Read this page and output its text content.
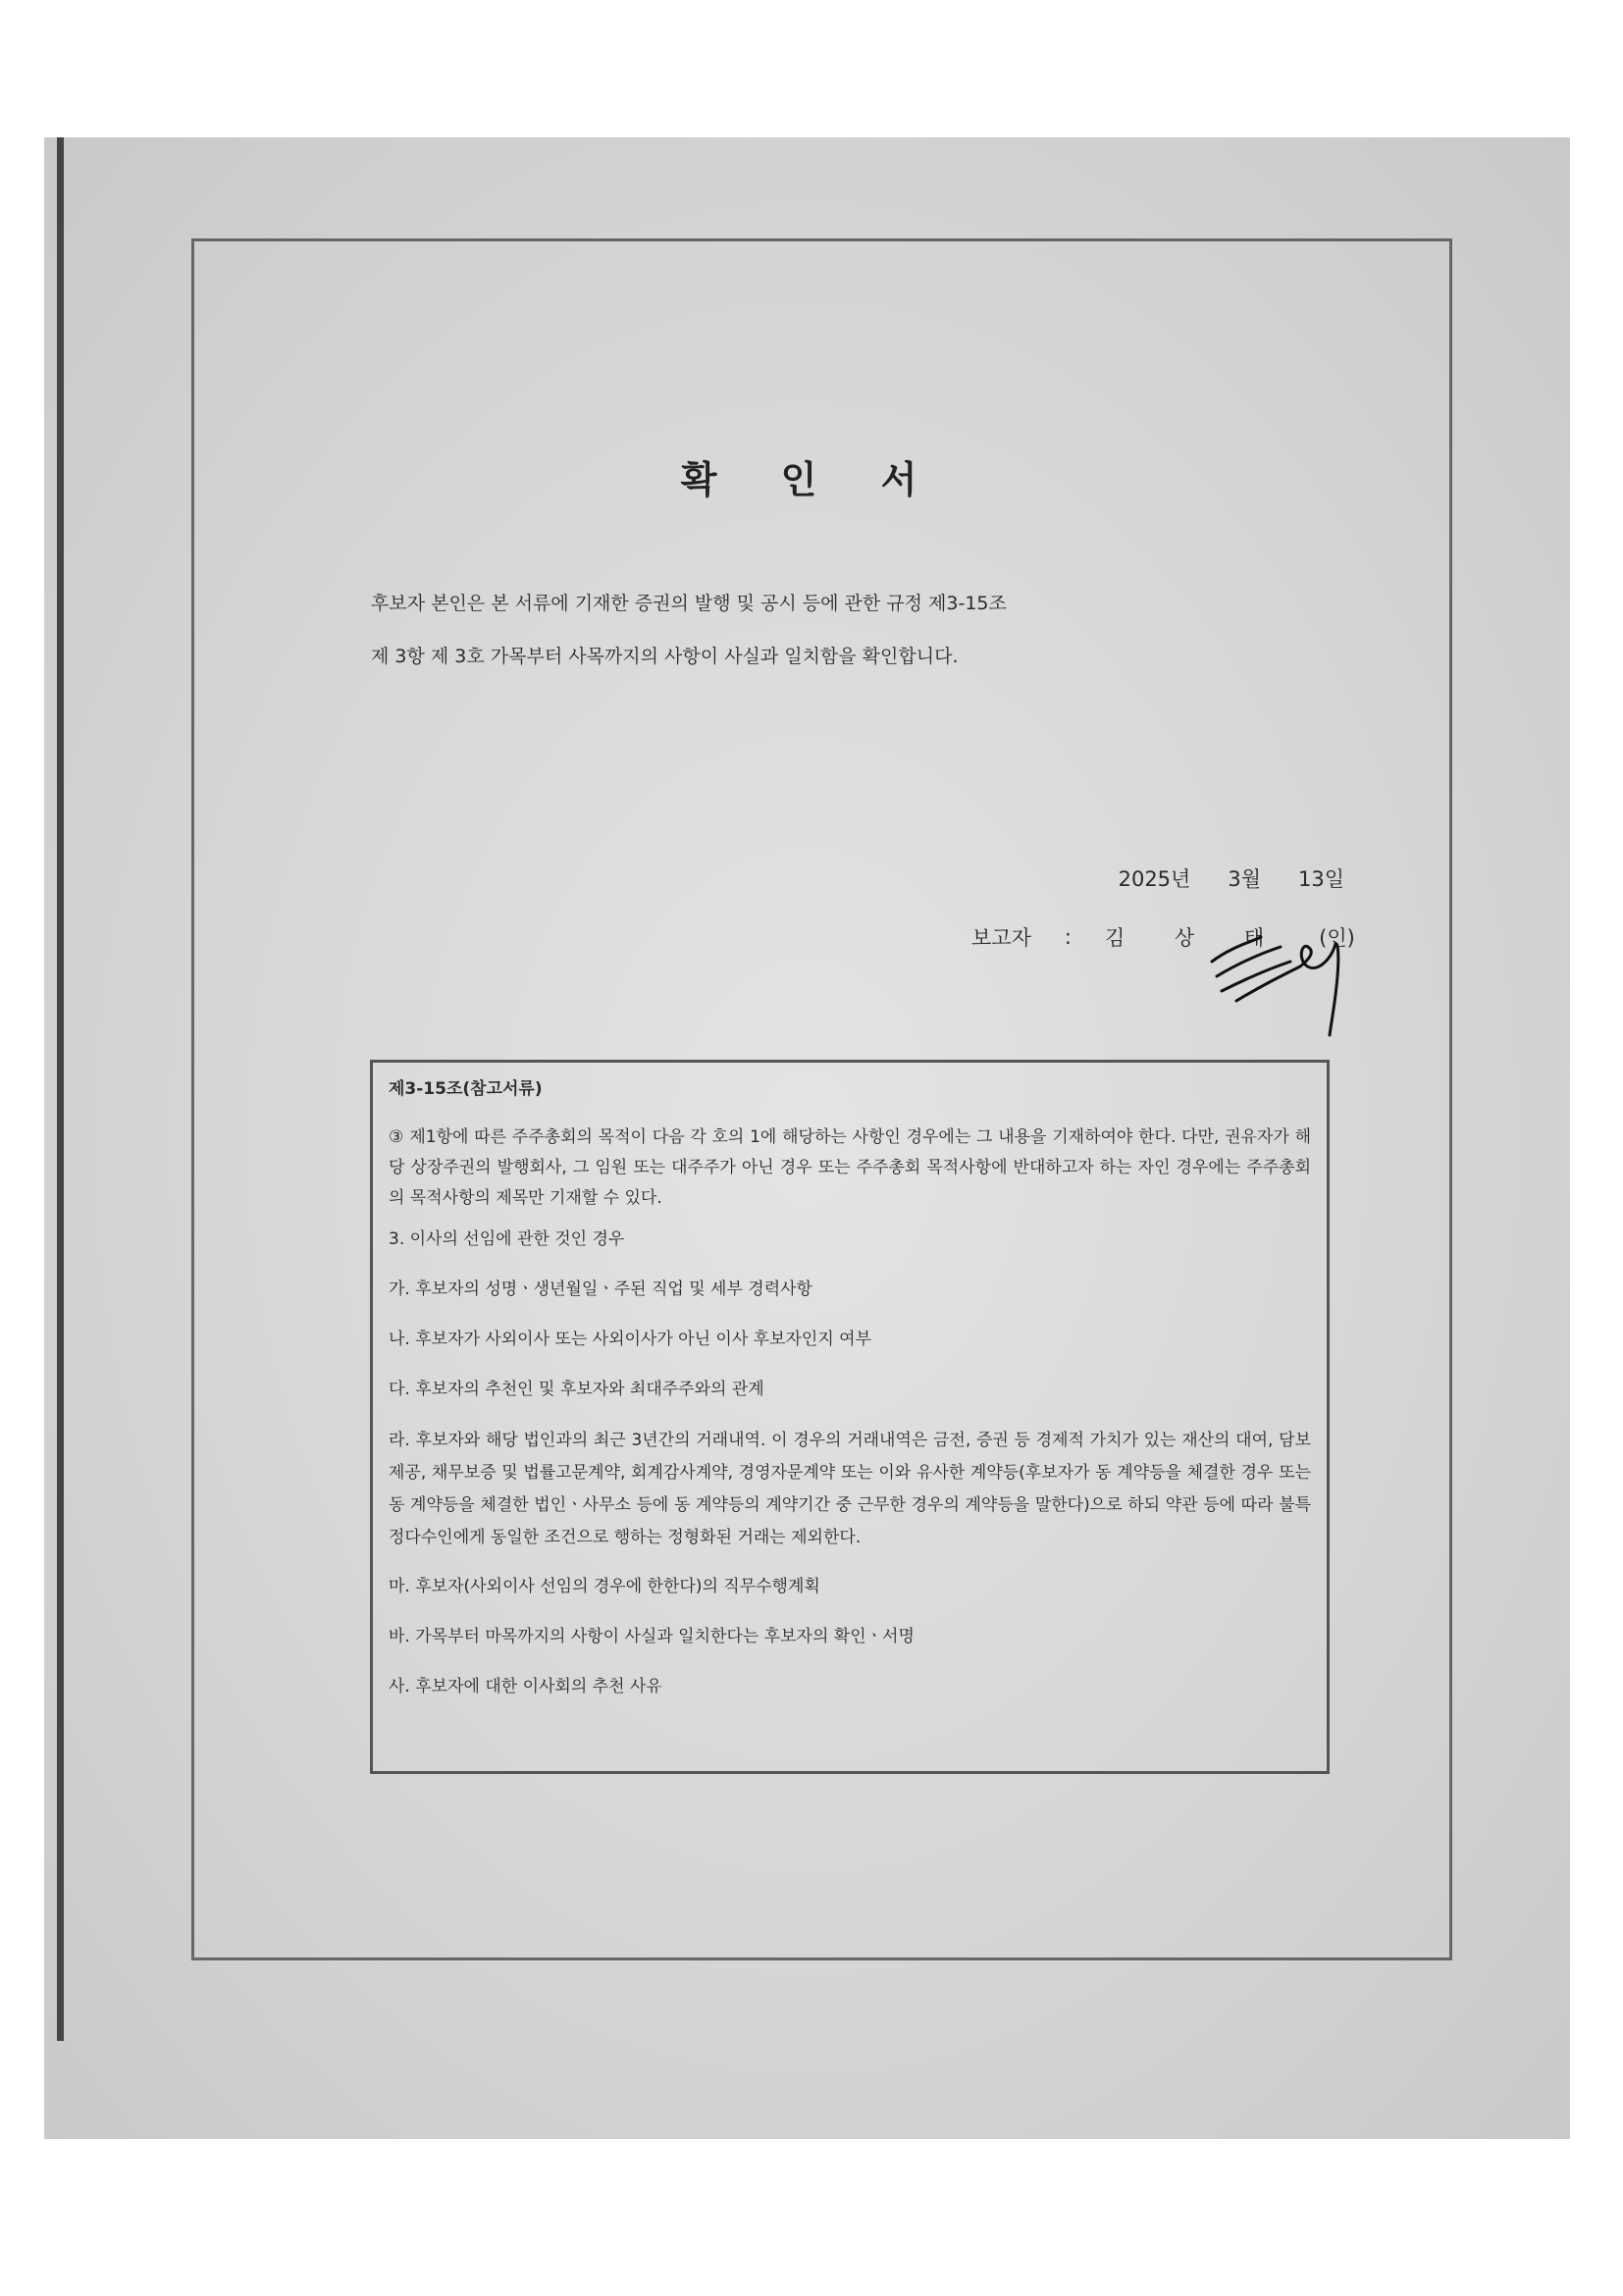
확 인 서

후보자 본인은 본 서류에 기재한 증권의 발행 및 공시 등에 관한 규정 제3-15조

제 3항 제 3호 가목부터 사목까지의 사항이 사실과 일치함을 확인합니다.

2025년 3월 13일
보고자 : 김 상 태 (인)

제3-15조(참고서류)

③ 제1항에 따른 주주총회의 목적이 다음 각 호의 1에 해당하는 사항인 경우에는 그 내용을 기재하여야 한다. 다만, 권유자가 해당 상장주권의 발행회사, 그 임원 또는 대주주가 아닌 경우 또는 주주총회 목적사항에 반대하고자 하는 자인 경우에는 주주총회의 목적사항의 제목만 기재할 수 있다.

3. 이사의 선임에 관한 것인 경우

가. 후보자의 성명ㆍ생년월일ㆍ주된 직업 및 세부 경력사항

나. 후보자가 사외이사 또는 사외이사가 아닌 이사 후보자인지 여부

다. 후보자의 추천인 및 후보자와 최대주주와의 관계

라. 후보자와 해당 법인과의 최근 3년간의 거래내역. 이 경우의 거래내역은 금전, 증권 등 경제적 가치가 있는 재산의 대여, 담보제공, 채무보증 및 법률고문계약, 회계감사계약, 경영자문계약 또는 이와 유사한 계약등(후보자가 동 계약등을 체결한 경우 또는 동 계약등을 체결한 법인ㆍ사무소 등에 동 계약등의 계약기간 중 근무한 경우의 계약등을 말한다)으로 하되 약관 등에 따라 불특정다수인에게 동일한 조건으로 행하는 정형화된 거래는 제외한다.

마. 후보자(사외이사 선임의 경우에 한한다)의 직무수행계획

바. 가목부터 마목까지의 사항이 사실과 일치한다는 후보자의 확인ㆍ서명

사. 후보자에 대한 이사회의 추천 사유
